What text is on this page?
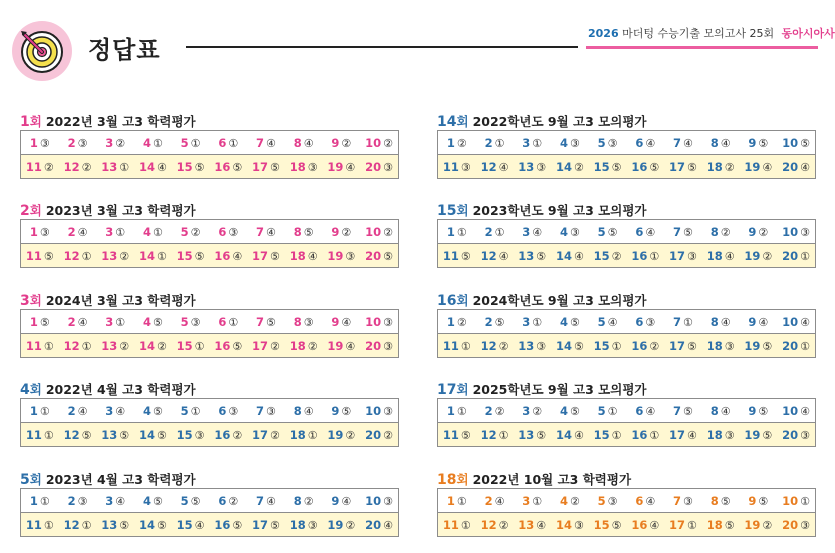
정답표
2026 마더텅 수능기출 모의고사 25회 동아시아사
1회 2022년 3월 고3 학력평가
1 ③	2 ③	3 ②	4 ①	5 ①	6 ①	7 ④	8 ④	9 ②	10 ②
11 ② 12 ② 13 ① 14 ④ 15 ⑤ 16 ⑤ 17 ⑤ 18 ③ 19 ④ 20 ③
2회 2023년 3월 고3 학력평가
1 ③	2 ④	3 ①	4 ①	5 ②	6 ③	7 ④	8 ⑤	9 ②	10 ②
11 ⑤ 12 ① 13 ② 14 ① 15 ⑤ 16 ④ 17 ⑤ 18 ④ 19 ③ 20 ⑤
3회 2024년 3월 고3 학력평가
1 ⑤	2 ④	3 ①	4 ⑤	5 ③	6 ①	7 ⑤	8 ③	9 ④	10 ③
11 ① 12 ① 13 ② 14 ② 15 ① 16 ⑤ 17 ② 18 ② 19 ④ 20 ③
4회 2022년 4월 고3 학력평가
1 ①	2 ④	3 ④	4 ⑤	5 ①	6 ③	7 ③	8 ④	9 ⑤	10 ③
11 ① 12 ⑤ 13 ⑤ 14 ⑤ 15 ③ 16 ② 17 ② 18 ① 19 ② 20 ②
5회 2023년 4월 고3 학력평가
1 ①	2 ③	3 ④	4 ⑤	5 ⑤	6 ②	7 ④	8 ②	9 ④	10 ③
11 ① 12 ① 13 ⑤ 14 ⑤ 15 ④ 16 ⑤ 17 ⑤ 18 ③ 19 ② 20 ④
14회 2022학년도 9월 고3 모의평가
1 ②	2 ①	3 ①	4 ③	5 ③	6 ④	7 ④	8 ④	9 ⑤	10 ⑤
11 ③ 12 ④ 13 ③ 14 ② 15 ⑤ 16 ⑤ 17 ⑤ 18 ② 19 ④ 20 ④
15회 2023학년도 9월 고3 모의평가
1 ①	2 ①	3 ④	4 ③	5 ⑤	6 ④	7 ⑤	8 ②	9 ②	10 ③
11 ⑤ 12 ④ 13 ⑤ 14 ④ 15 ② 16 ① 17 ③ 18 ④ 19 ② 20 ①
16회 2024학년도 9월 고3 모의평가
1 ②	2 ⑤	3 ①	4 ⑤	5 ④	6 ③	7 ①	8 ④	9 ④	10 ④
11 ① 12 ② 13 ③ 14 ⑤ 15 ① 16 ② 17 ⑤ 18 ③ 19 ⑤ 20 ①
17회 2025학년도 9월 고3 모의평가
1 ①	2 ②	3 ②	4 ⑤	5 ①	6 ④	7 ⑤	8 ④	9 ⑤	10 ④
11 ⑤ 12 ① 13 ⑤ 14 ④ 15 ① 16 ① 17 ④ 18 ③ 19 ⑤ 20 ③
18회 2022년 10월 고3 학력평가
1 ①	2 ④	3 ①	4 ②	5 ③	6 ④	7 ③	8 ⑤	9 ⑤	10 ①
11 ① 12 ② 13 ④ 14 ③ 15 ⑤ 16 ④ 17 ① 18 ⑤ 19 ② 20 ③
